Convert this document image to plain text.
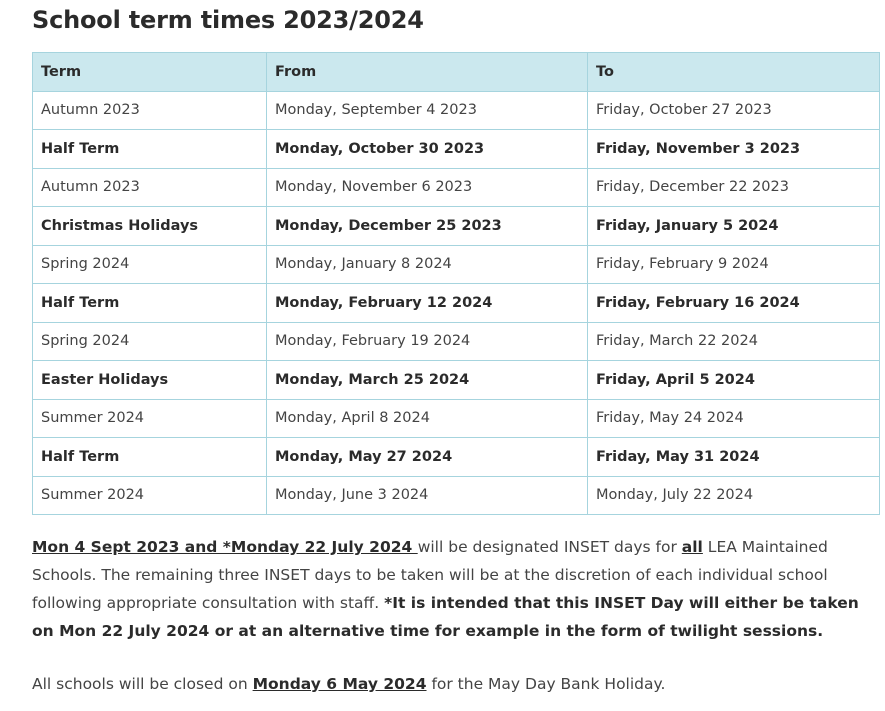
School term times 2023/2024
Term	From	To
Autumn 2023	Monday, September 4 2023	Friday, October 27 2023
Half Term	Monday, October 30 2023	Friday, November 3 2023
Autumn 2023	Monday, November 6 2023	Friday, December 22 2023
Christmas Holidays	Monday, December 25 2023	Friday, January 5 2024
Spring 2024	Monday, January 8 2024	Friday, February 9 2024
Half Term	Monday, February 12 2024	Friday, February 16 2024
Spring 2024	Monday, February 19 2024	Friday, March 22 2024
Easter Holidays	Monday, March 25 2024	Friday, April 5 2024
Summer 2024	Monday, April 8 2024	Friday, May 24 2024
Half Term	Monday, May 27 2024	Friday, May 31 2024
Summer 2024	Monday, June 3 2024	Monday, July 22 2024

Mon 4 Sept 2023 and *Monday 22 July 2024 will be designated INSET days for all LEA Maintained Schools. The remaining three INSET days to be taken will be at the discretion of each individual school following appropriate consultation with staff. *It is intended that this INSET Day will either be taken on Mon 22 July 2024 or at an alternative time for example in the form of twilight sessions.

All schools will be closed on Monday 6 May 2024 for the May Day Bank Holiday.
